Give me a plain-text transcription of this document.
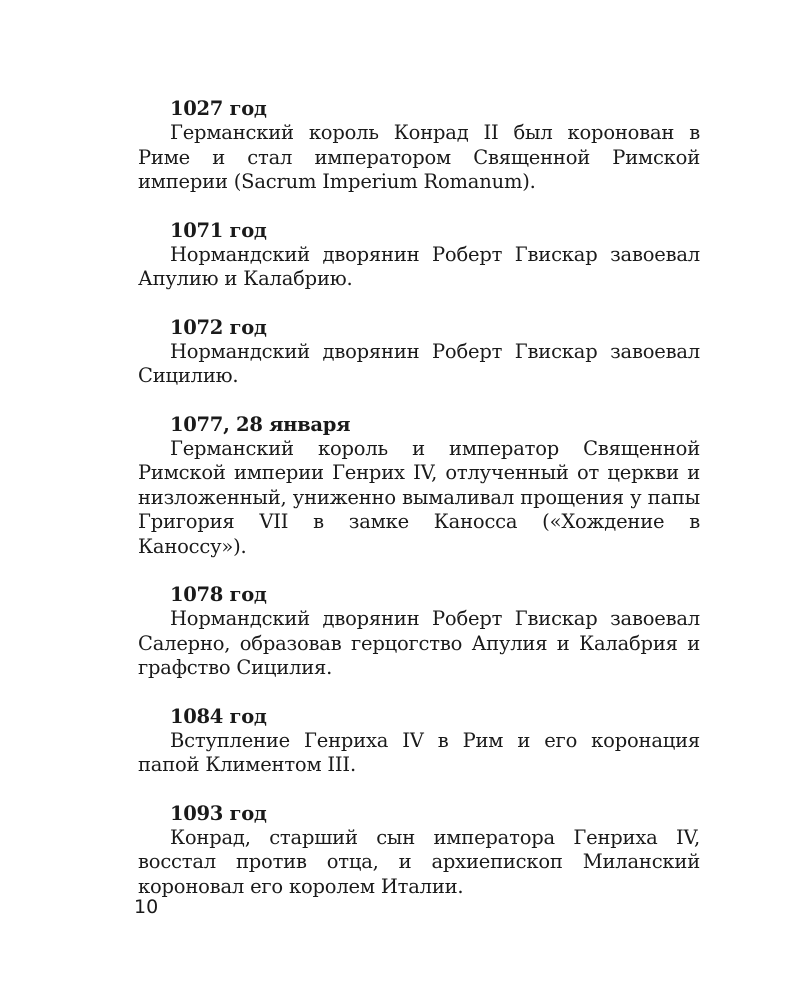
1027 год
Германский король Конрад II был коронован в Риме и стал императором Священной Римской империи (Sacrum Imperium Romanum).
1071 год
Нормандский дворянин Роберт Гвискар завоевал Апулию и Калабрию.
1072 год
Нормандский дворянин Роберт Гвискар завоевал Сицилию.
1077, 28 января
Германский король и император Священной Римской империи Генрих IV, отлученный от церкви и низложенный, униженно вымаливал прощения у папы Григория VII в замке Каносса («Хождение в Каноссу»).
1078 год
Нормандский дворянин Роберт Гвискар завоевал Салерно, образовав герцогство Апулия и Калабрия и графство Сицилия.
1084 год
Вступление Генриха IV в Рим и его коронация папой Климентом III.
1093 год
Конрад, старший сын императора Генриха IV, восстал против отца, и архиепископ Миланский короновал его королем Италии.
10
